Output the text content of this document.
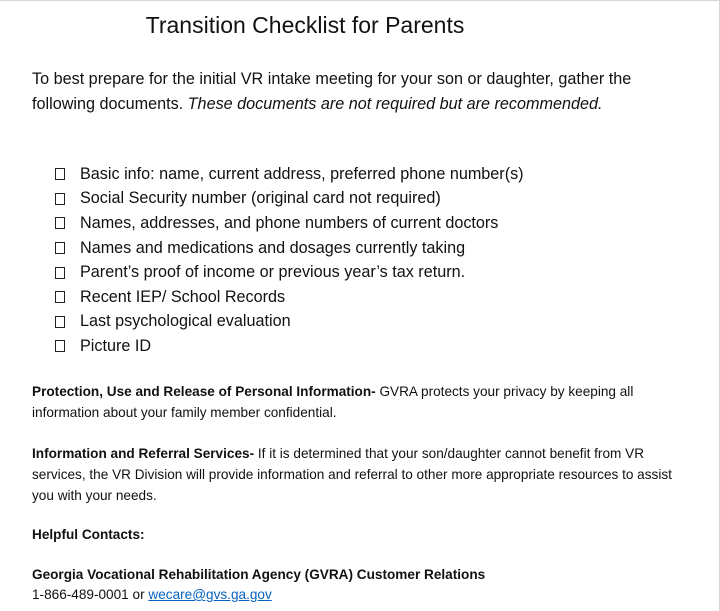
Transition Checklist for Parents
To best prepare for the initial VR intake meeting for your son or daughter, gather the following documents. These documents are not required but are recommended.
Basic info: name, current address, preferred phone number(s)
Social Security number (original card not required)
Names, addresses, and phone numbers of current doctors
Names and medications and dosages currently taking
Parent’s proof of income or previous year’s tax return.
Recent IEP/ School Records
Last psychological evaluation
Picture ID
Protection, Use and Release of Personal Information- GVRA protects your privacy by keeping all information about your family member confidential.
Information and Referral Services- If it is determined that your son/daughter cannot benefit from VR services, the VR Division will provide information and referral to other more appropriate resources to assist you with your needs.
Helpful Contacts:
Georgia Vocational Rehabilitation Agency (GVRA) Customer Relations
1-866-489-0001 or wecare@gvs.ga.gov
